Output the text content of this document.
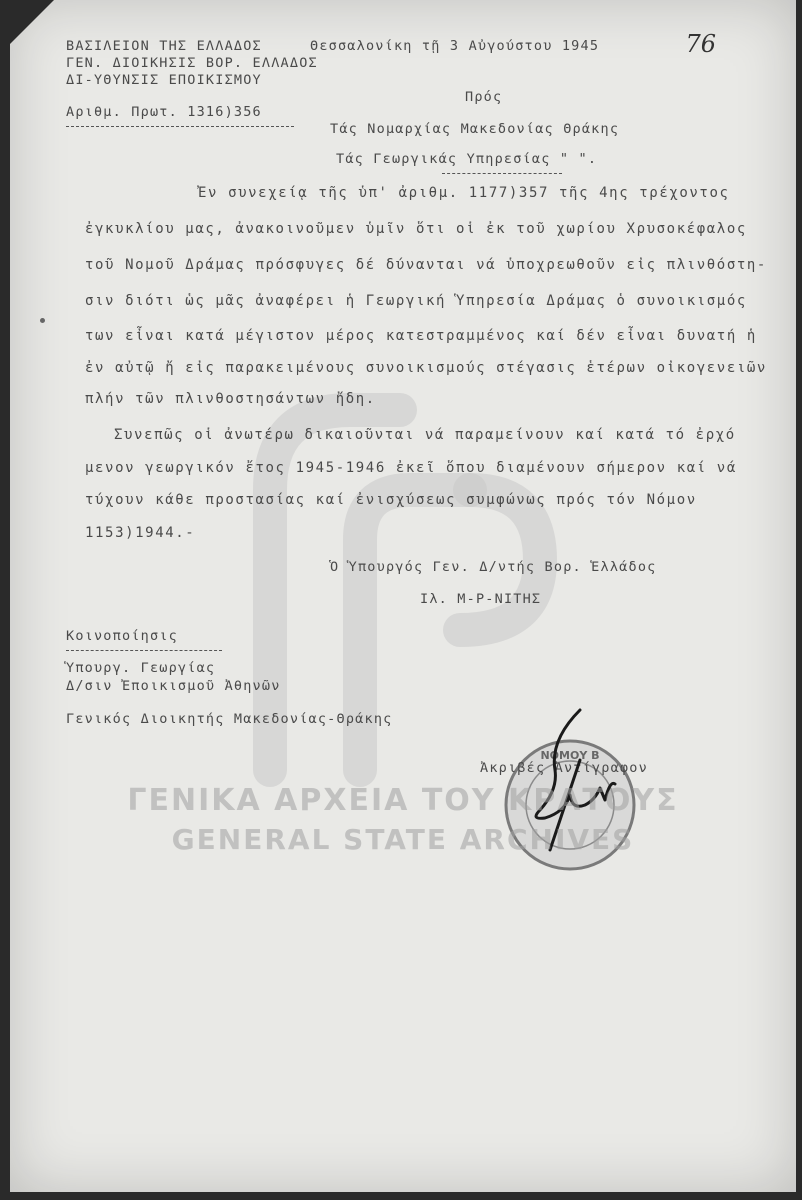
76
ΒΑΣΙΛΕΙΟΝ ΤΗΣ ΕΛΛΑΔΟΣ
ΓΕΝ. ΔΙΟΙΚΗΣΙΣ ΒΟΡ. ΕΛΛΑΔΟΣ
ΔΙ-ΥΘΥΝΣΙΣ ΕΠΟΙΚΙΣΜΟΥ
Αριθμ. Πρωτ. 1316)356
Θεσσαλονίκη τῇ 3 Αὐγούστου 1945
Πρός
Τάς Νομαρχίας Μακεδονίας Θράκης
Τάς Γεωργικάς Υπηρεσίας " ".
Ἐν συνεχείᾳ τῆς ὑπ' ἀριθμ. 1177)357 τῆς 4ης τρέχοντος
ἐγκυκλίου μας, ἀνακοινοῦμεν ὑμῖν ὅτι οἱ ἐκ τοῦ χωρίου Χρυσοκέφαλος
τοῦ Νομοῦ Δράμας πρόσφυγες δέ δύνανται νά ὑποχρεωθοῦν εἰς πλινθόστη-
σιν διότι ὡς μᾶς ἀναφέρει ἡ Γεωργική Ὑπηρεσία Δράμας ὁ συνοικισμός
των εἶναι κατά μέγιστον μέρος κατεστραμμένος καί δέν εἶναι δυνατή ἡ
ἐν αὐτῷ ἤ εἰς παρακειμένους συνοικισμούς στέγασις ἑτέρων οἰκογενειῶν
πλήν τῶν πλινθοστησάντων ἤδη.
Συνεπῶς οἱ ἀνωτέρω δικαιοῦνται νά παραμείνουν καί κατά τό ἐρχό
μενον γεωργικόν ἔτος 1945-1946 ἐκεῖ ὅπου διαμένουν σήμερον καί νά
τύχουν κάθε προστασίας καί ἐνισχύσεως συμφώνως πρός τόν Νόμον
1153)1944.-
Ὁ Ὑπουργός Γεν. Δ/ντής Βορ. Ἑλλάδος
Ιλ. Μ-Ρ-ΝΙΤΗΣ
Κοινοποίησις
Ὑπουργ. Γεωργίας
Δ/σιν Ἐποικισμοῦ Ἀθηνῶν
Γενικός Διοικητής Μακεδονίας-Θράκης
ΝΟΜΟΥ Β
Ἀκριβές Ἀντίγραφον
ΓΕΝΙΚΑ ΑΡΧΕΙΑ ΤΟΥ ΚΡΑΤΟΥΣ
GENERAL STATE ARCHIVES
